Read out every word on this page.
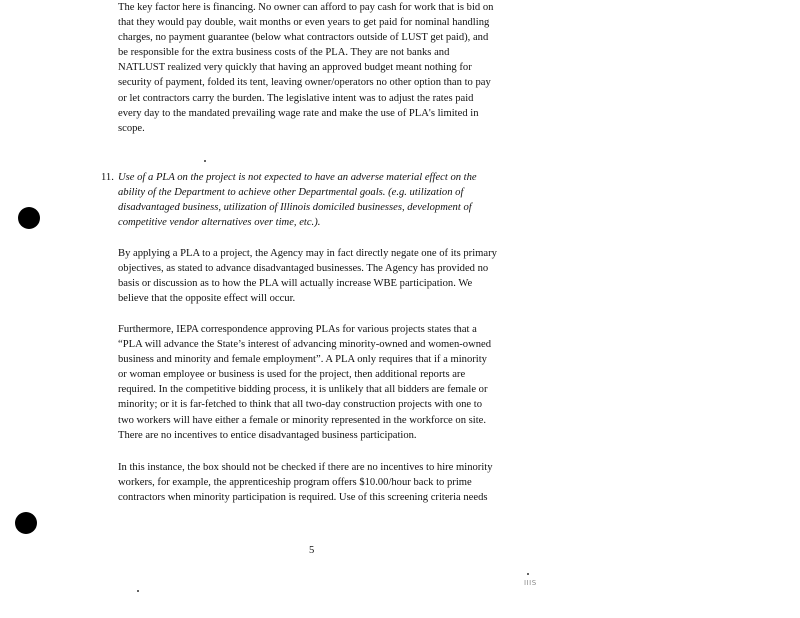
The key factor here is financing. No owner can afford to pay cash for work that is bid on
that they would pay double, wait months or even years to get paid for nominal handling
charges, no payment guarantee (below what contractors outside of LUST get paid), and
be responsible for the extra business costs of the PLA. They are not banks and
NATLUST realized very quickly that having an approved budget meant nothing for
security of payment, folded its tent, leaving owner/operators no other option than to pay
or let contractors carry the burden. The legislative intent was to adjust the rates paid
every day to the mandated prevailing wage rate and make the use of PLA's limited in
scope.

11. Use of a PLA on the project is not expected to have an adverse material effect on the
ability of the Department to achieve other Departmental goals. (e.g. utilization of
disadvantaged business, utilization of Illinois domiciled businesses, development of
competitive vendor alternatives over time, etc.).

By applying a PLA to a project, the Agency may in fact directly negate one of its primary
objectives, as stated to advance disadvantaged businesses. The Agency has provided no
basis or discussion as to how the PLA will actually increase WBE participation. We
believe that the opposite effect will occur.

Furthermore, IEPA correspondence approving PLAs for various projects states that a
“PLA will advance the State’s interest of advancing minority-owned and women-owned
business and minority and female employment”. A PLA only requires that if a minority
or woman employee or business is used for the project, then additional reports are
required. In the competitive bidding process, it is unlikely that all bidders are female or
minority; or it is far-fetched to think that all two-day construction projects with one to
two workers will have either a female or minority represented in the workforce on site.
There are no incentives to entice disadvantaged business participation.

In this instance, the box should not be checked if there are no incentives to hire minority
workers, for example, the apprenticeship program offers $10.00/hour back to prime
contractors when minority participation is required. Use of this screening criteria needs

5
IIIS
